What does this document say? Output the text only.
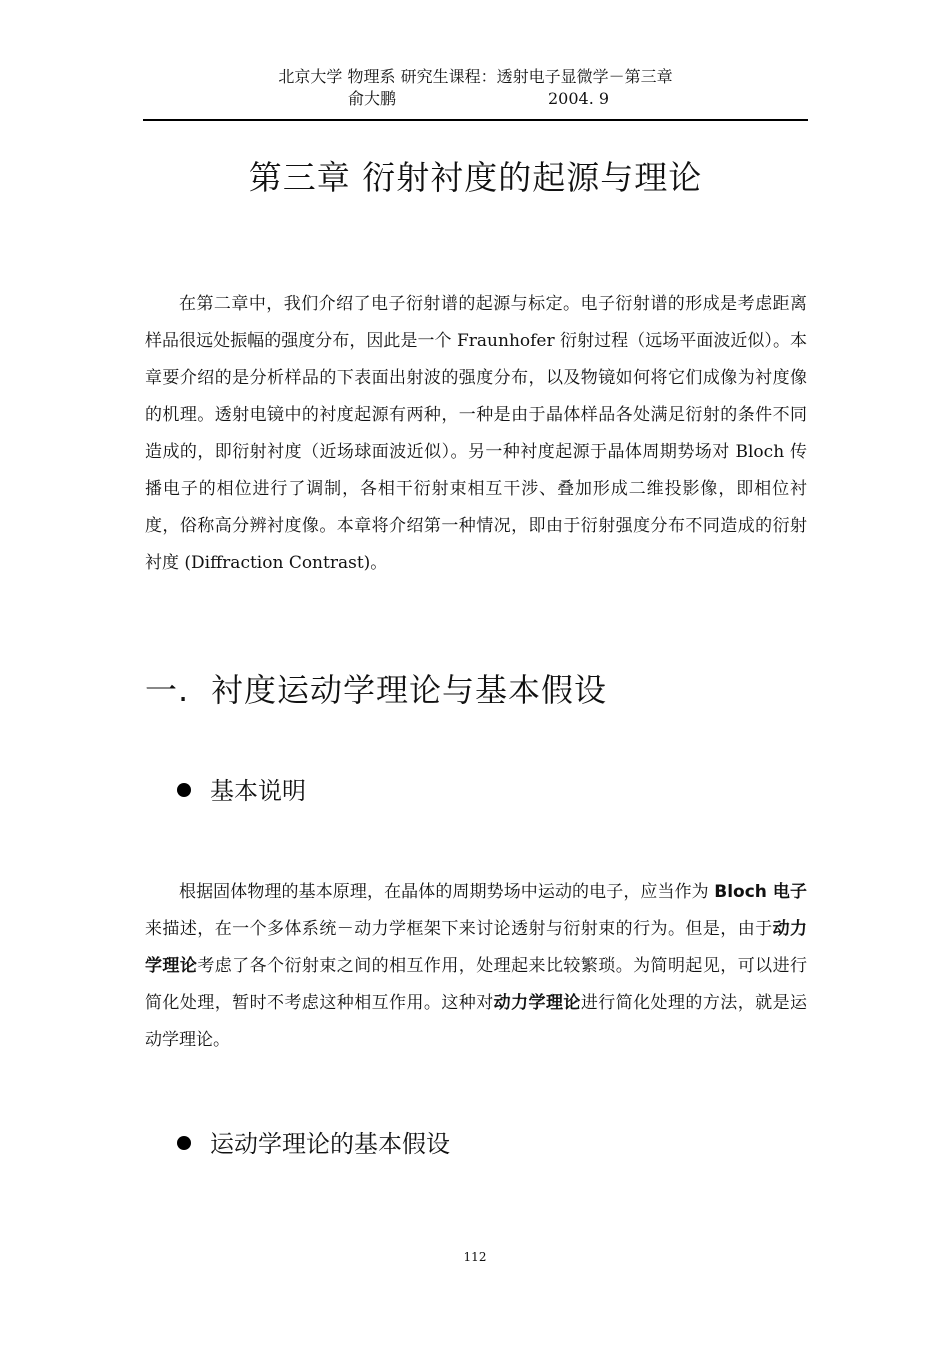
北京大学 物理系 研究生课程：透射电子显微学－第三章
俞大鹏	2004. 9
第三章 衍射衬度的起源与理论

在第二章中，我们介绍了电子衍射谱的起源与标定。电子衍射谱的形成是考虑距离样品很远处振幅的强度分布，因此是一个 Fraunhofer 衍射过程（远场平面波近似）。本章要介绍的是分析样品的下表面出射波的强度分布，以及物镜如何将它们成像为衬度像的机理。透射电镜中的衬度起源有两种，一种是由于晶体样品各处满足衍射的条件不同造成的，即衍射衬度（近场球面波近似）。另一种衬度起源于晶体周期势场对 Bloch 传播电子的相位进行了调制，各相干衍射束相互干涉、叠加形成二维投影像，即相位衬度，俗称高分辨衬度像。本章将介绍第一种情况，即由于衍射强度分布不同造成的衍射衬度 (Diffraction Contrast)。

一. 衬度运动学理论与基本假设
基本说明

根据固体物理的基本原理，在晶体的周期势场中运动的电子，应当作为 Bloch 电子来描述，在一个多体系统－动力学框架下来讨论透射与衍射束的行为。但是，由于动力学理论考虑了各个衍射束之间的相互作用，处理起来比较繁琐。为简明起见，可以进行简化处理，暂时不考虑这种相互作用。这种对动力学理论进行简化处理的方法，就是运动学理论。

运动学理论的基本假设
112
